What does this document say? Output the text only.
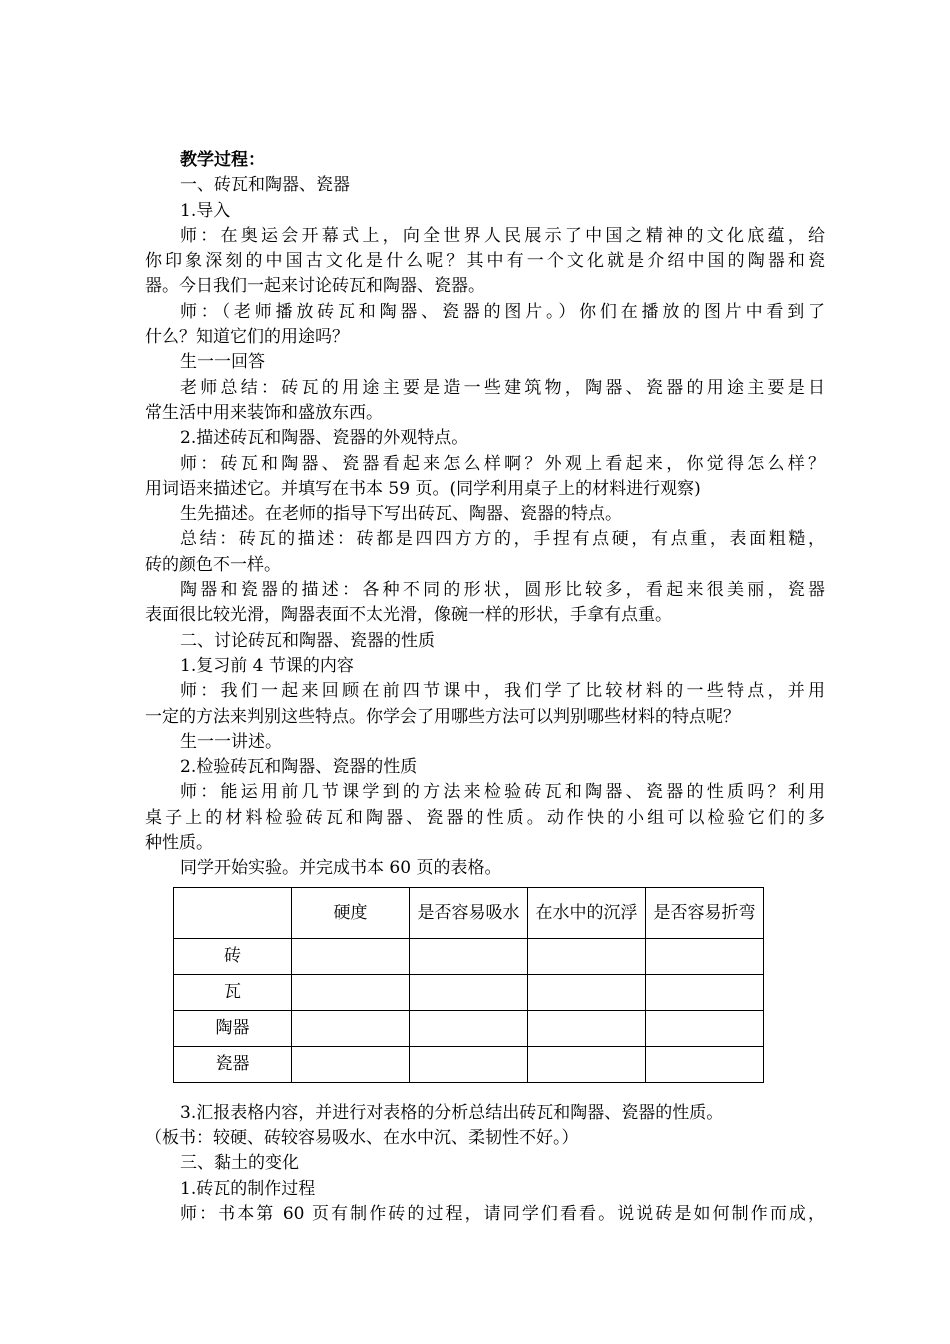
教学过程：

一、砖瓦和陶器、瓷器

1.导入

师：在奥运会开幕式上，向全世界人民展示了中国之精神的文化底蕴，给

你印象深刻的中国古文化是什么呢？其中有一个文化就是介绍中国的陶器和瓷

器。今日我们一起来讨论砖瓦和陶器、瓷器。

师：（老师播放砖瓦和陶器、瓷器的图片。）你们在播放的图片中看到了

什么？知道它们的用途吗？

生一一回答

老师总结：砖瓦的用途主要是造一些建筑物，陶器、瓷器的用途主要是日

常生活中用来装饰和盛放东西。

2.描述砖瓦和陶器、瓷器的外观特点。

师：砖瓦和陶器、瓷器看起来怎么样啊？外观上看起来，你觉得怎么样？

用词语来描述它。并填写在书本 59 页。(同学利用桌子上的材料进行观察)

生先描述。在老师的指导下写出砖瓦、陶器、瓷器的特点。

总结：砖瓦的描述：砖都是四四方方的，手捏有点硬，有点重，表面粗糙，

砖的颜色不一样。

陶器和瓷器的描述：各种不同的形状，圆形比较多，看起来很美丽，瓷器

表面很比较光滑，陶器表面不太光滑，像碗一样的形状，手拿有点重。

二、讨论砖瓦和陶器、瓷器的性质

1.复习前 4 节课的内容

师：我们一起来回顾在前四节课中，我们学了比较材料的一些特点，并用

一定的方法来判别这些特点。你学会了用哪些方法可以判别哪些材料的特点呢？

生一一讲述。

2.检验砖瓦和陶器、瓷器的性质

师：能运用前几节课学到的方法来检验砖瓦和陶器、瓷器的性质吗？利用

桌子上的材料检验砖瓦和陶器、瓷器的性质。动作快的小组可以检验它们的多

种性质。

同学开始实验。并完成书本 60 页的表格。

	硬度	是否容易吸水	在水中的沉浮	是否容易折弯
砖				
瓦				
陶器				
瓷器				

3.汇报表格内容，并进行对表格的分析总结出砖瓦和陶器、瓷器的性质。

（板书：较硬、砖较容易吸水、在水中沉、柔韧性不好。）

三、黏土的变化

1.砖瓦的制作过程

师：书本第 60 页有制作砖的过程，请同学们看看。说说砖是如何制作而成，
